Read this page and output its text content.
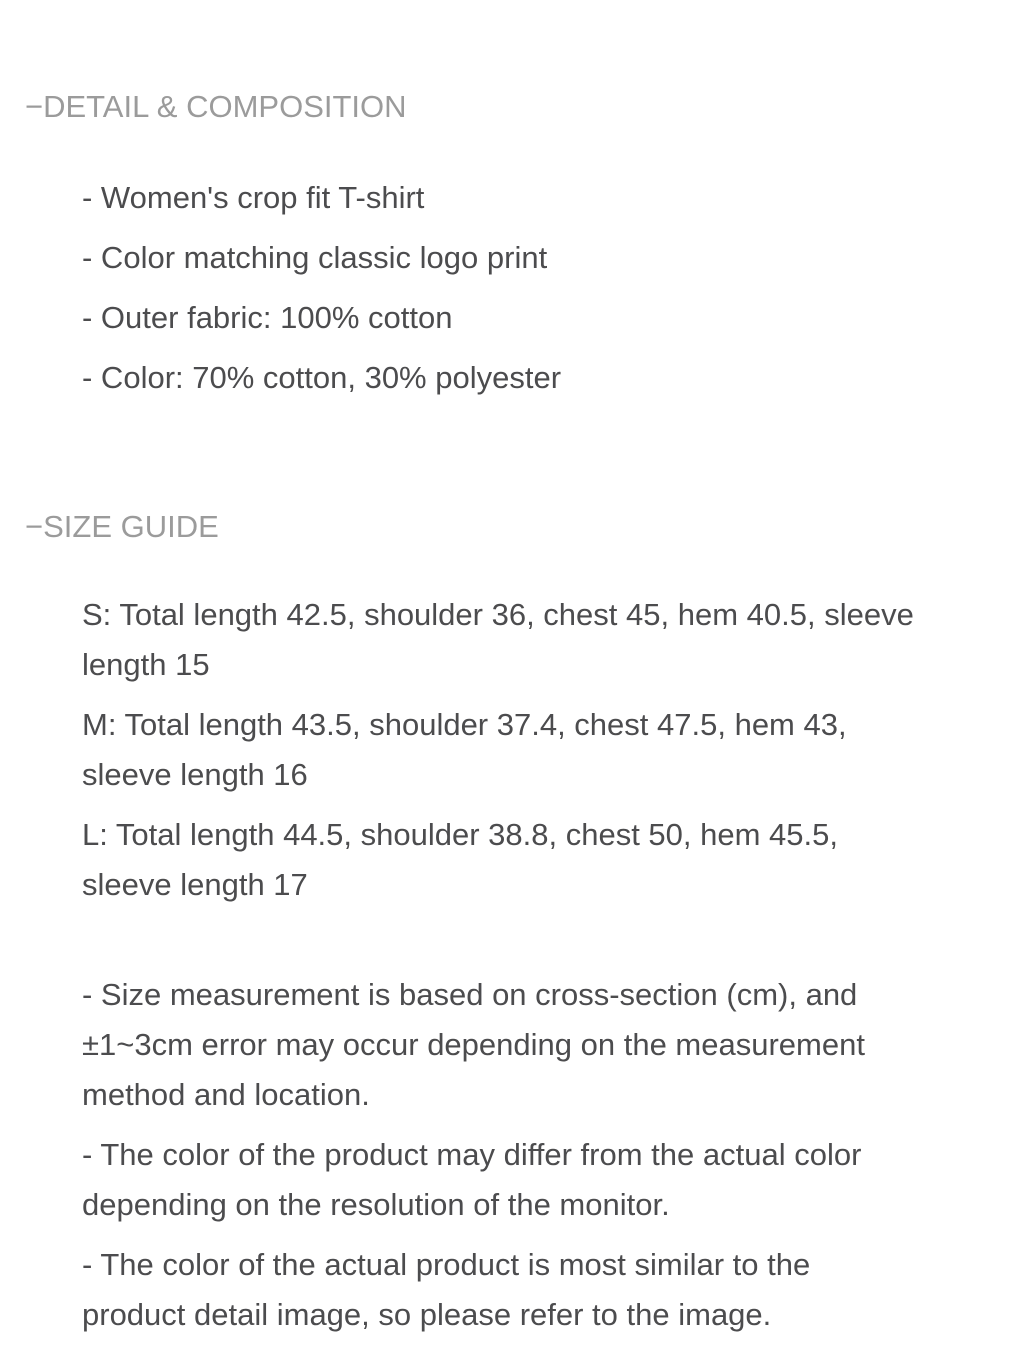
−DETAIL & COMPOSITION
- Women's crop fit T-shirt
- Color matching classic logo print
- Outer fabric: 100% cotton
- Color: 70% cotton, 30% polyester
−SIZE GUIDE

S: Total length 42.5, shoulder 36, chest 45, hem 40.5, sleeve
length 15

M: Total length 43.5, shoulder 37.4, chest 47.5, hem 43,
sleeve length 16

L: Total length 44.5, shoulder 38.8, chest 50, hem 45.5,
sleeve length 17

- Size measurement is based on cross-section (cm), and
±1~3cm error may occur depending on the measurement
method and location.

- The color of the product may differ from the actual color
depending on the resolution of the monitor.

- The color of the actual product is most similar to the
product detail image, so please refer to the image.
